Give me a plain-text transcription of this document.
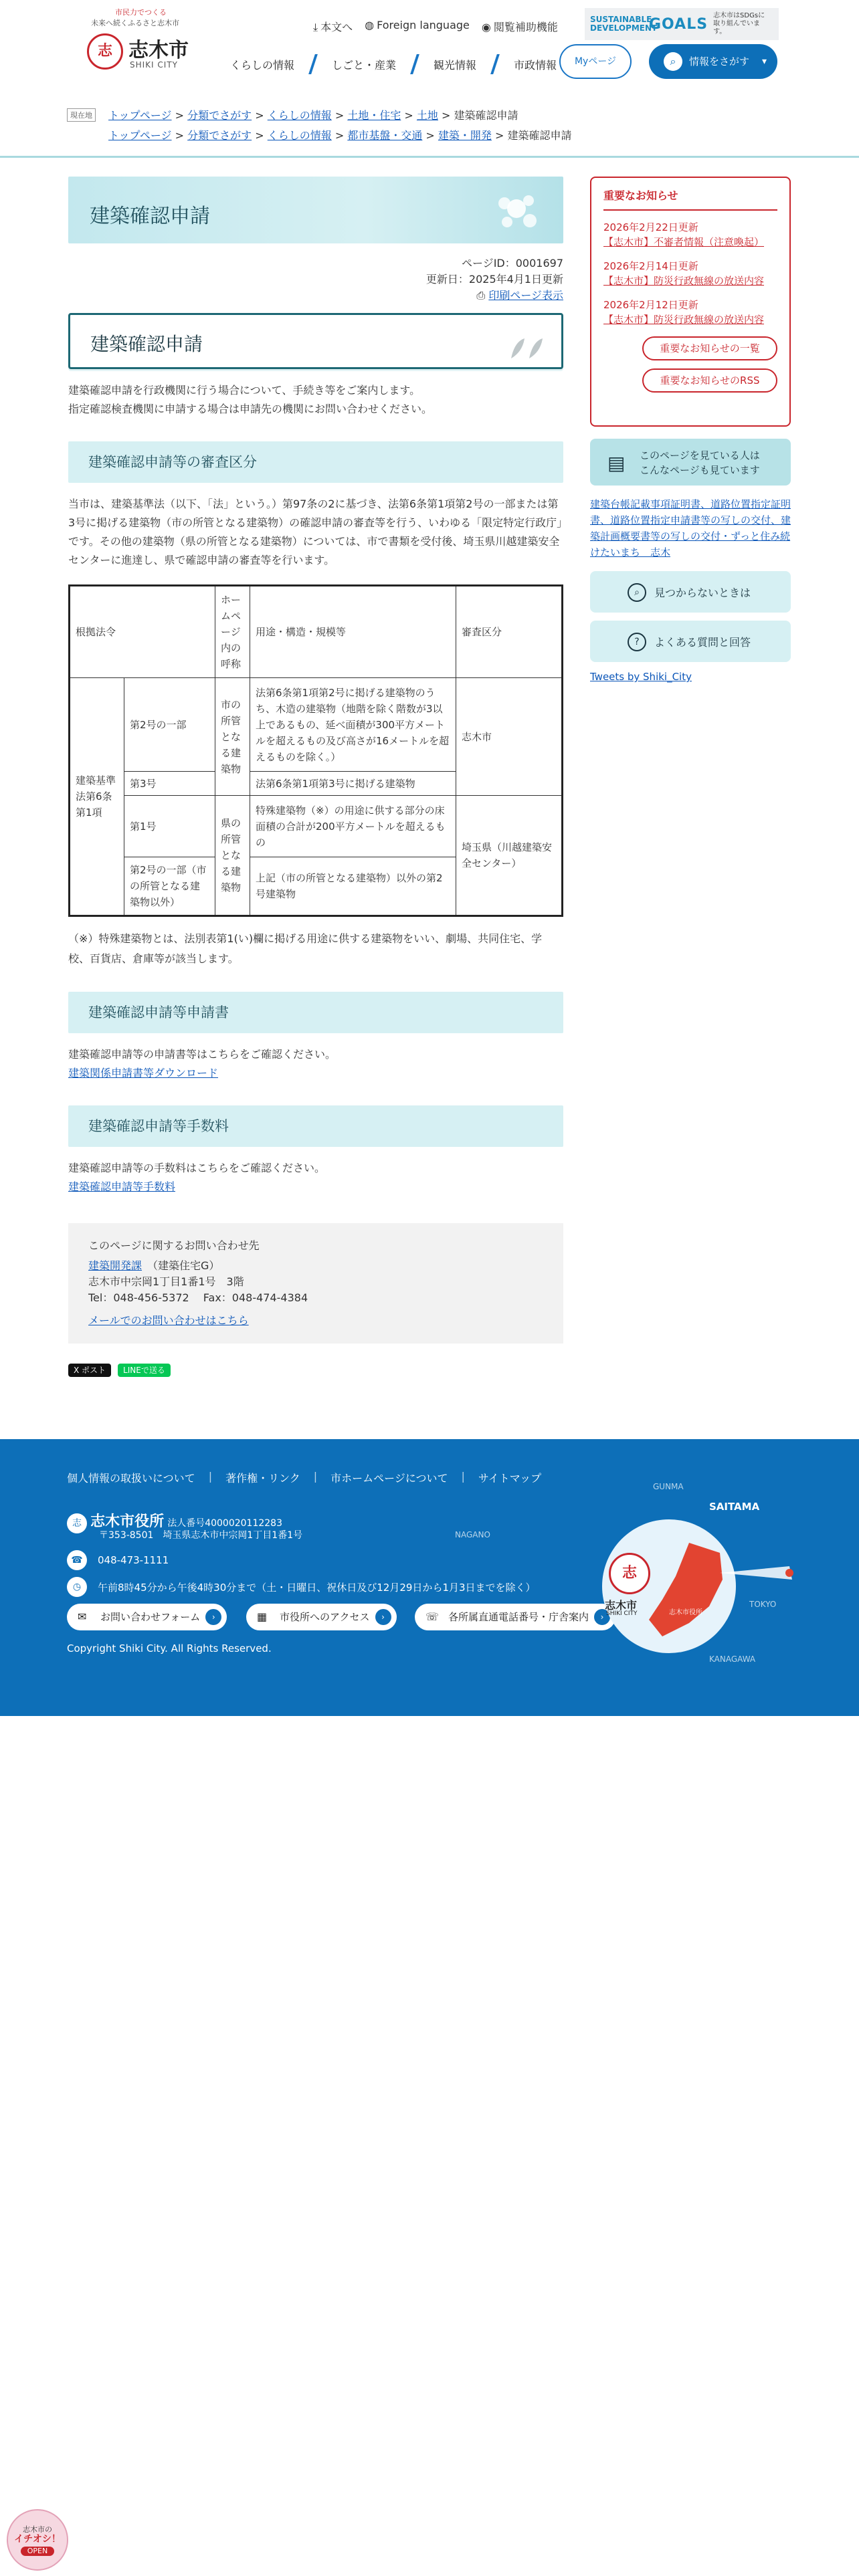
市民力でつくる
未来へ続くふるさと志木市
志 志木市
SHIKI CITY
⤓ 本文へ ◍ Foreign language ◉ 閲覧補助機能
SUSTAINABLE DEVELOPMENT
GOALS 志木市はSDGsに取り組んでいます。
くらしの情報	しごと・産業	観光情報	市政情報	Myページ	⌕	情報をさがす ▾
現在地	トップページ > 分類でさがす > くらしの情報 > 土地・住宅 > 土地 > 建築確認申請
トップページ > 分類でさがす > くらしの情報 > 都市基盤・交通 > 建築・開発 > 建築確認申請
建築確認申請
ページID：0001697
更新日：2025年4月1日更新
⎙ 印刷ページ表示
建築確認申請

建築確認申請を行政機関に行う場合について、手続き等をご案内します。
指定確認検査機関に申請する場合は申請先の機関にお問い合わせください。

建築確認申請等の審査区分

当市は、建築基準法（以下、「法」という。）第97条の2に基づき、法第6条第1項第2号の一部または第3号に掲げる建築物（市の所管となる建築物）の確認申請の審査等を行う、いわゆる「限定特定行政庁」です。その他の建築物（県の所管となる建築物）については、市で書類を受付後、埼玉県川越建築安全センターに進達し、県で確認申請の審査等を行います。

根拠法令		ホームページ内の呼称	用途・構造・規模等	審査区分
建築基準法第6条第1項	第2号の一部	市の所管となる建築物	法第6条第1項第2号に掲げる建築物のうち、木造の建築物（地階を除く階数が3以上であるもの、延べ面積が300平方メートルを超えるもの及び高さが16メートルを超えるものを除く。）	志木市
	第3号		法第6条第1項第3号に掲げる建築物	
	第1号	県の所管となる建築物	特殊建築物（※）の用途に供する部分の床面積の合計が200平方メートルを超えるもの	埼玉県（川越建築安全センター）
	第2号の一部（市の所管となる建築物以外）		上記（市の所管となる建築物）以外の第2号建築物	

（※）特殊建築物とは、法別表第1(い)欄に掲げる用途に供する建築物をいい、劇場、共同住宅、学校、百貨店、倉庫等が該当します。

建築確認申請等申請書

建築確認申請等の申請書等はこちらをご確認ください。
建築関係申請書等ダウンロード

建築確認申請等手数料

建築確認申請等の手数料はこちらをご確認ください。
建築確認申請等手数料

このページに関するお問い合わせ先
建築開発課　 （建築住宅G）
志木市中宗岡1丁目1番1号　3階
Tel：048-456-5372　 Fax：048-474-4384
メールでのお問い合わせはこちら
X ポスト	LINEで送る
重要なお知らせ
2026年2月22日更新
【志木市】不審者情報（注意喚起）
2026年2月14日更新
【志木市】防災行政無線の放送内容
2026年2月12日更新
【志木市】防災行政無線の放送内容
重要なお知らせの一覧
重要なお知らせのRSS
▤ このページを見ている人は
こんなページも見ています
建築台帳記載事項証明書、道路位置指定証明書、道路位置指定申請書等の写しの交付、建築計画概要書等の写しの交付・ずっと住み続けたいまち　志木
⌕	見つからないときは
?	よくある質問と回答
Tweets by Shiki_City
個人情報の取扱いについて | 著作権・リンク | 市ホームページについて | サイトマップ
志 志木市役所 法人番号4000020112283
〒353-8501　埼玉県志木市中宗岡1丁目1番1号
☎	048-473-1111
◷	午前8時45分から午後4時30分まで（土・日曜日、祝休日及び12月29日から1月3日までを除く）
✉ お問い合わせフォーム	›	▦ 市役所へのアクセス	›	☏ 各所属直通電話番号・庁舎案内	›
Copyright Shiki City. All Rights Reserved.
GUNMA
SAITAMA
NAGANO
TOKYO
KANAGAWA
志
志木市
SHIKI CITY	志木市役所
志木市の
イチオシ！
OPEN
